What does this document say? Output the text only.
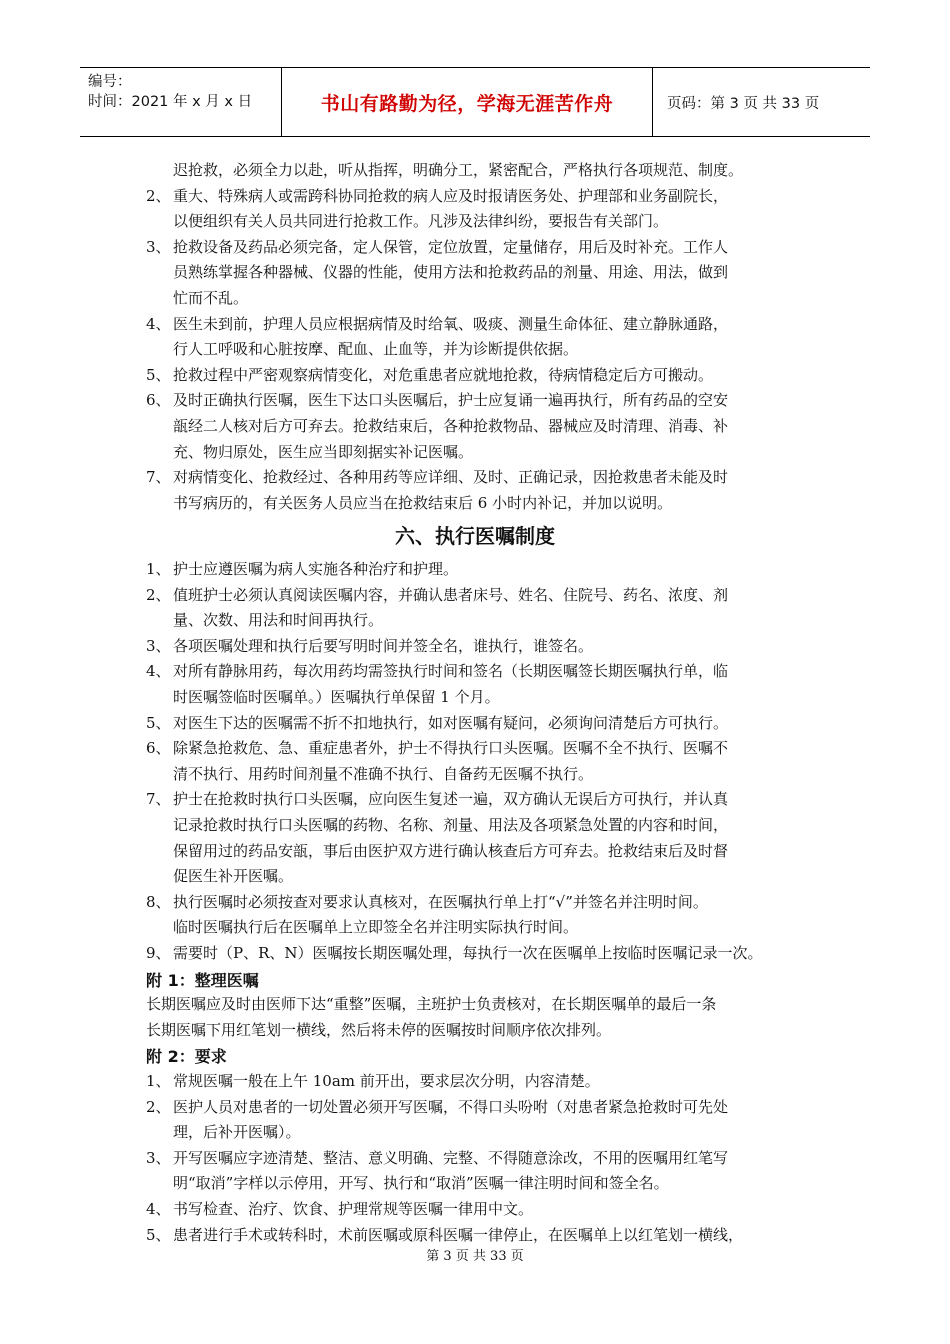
编号：
时间：2021 年 x 月 x 日	书山有路勤为径，学海无涯苦作舟	页码：第 3 页 共 33 页
迟抢救，必须全力以赴，听从指挥，明确分工，紧密配合，严格执行各项规范、制度。
2、 重大、特殊病人或需跨科协同抢救的病人应及时报请医务处、护理部和业务副院长，
以便组织有关人员共同进行抢救工作。凡涉及法律纠纷，要报告有关部门。
3、 抢救设备及药品必须完备，定人保管，定位放置，定量储存，用后及时补充。工作人
员熟练掌握各种器械、仪器的性能，使用方法和抢救药品的剂量、用途、用法，做到
忙而不乱。
4、 医生未到前，护理人员应根据病情及时给氧、吸痰、测量生命体征、建立静脉通路，
行人工呼吸和心脏按摩、配血、止血等，并为诊断提供依据。
5、 抢救过程中严密观察病情变化，对危重患者应就地抢救，待病情稳定后方可搬动。
6、 及时正确执行医嘱，医生下达口头医嘱后，护士应复诵一遍再执行，所有药品的空安
瓿经二人核对后方可弃去。抢救结束后，各种抢救物品、器械应及时清理、消毒、补
充、物归原处，医生应当即刻据实补记医嘱。
7、 对病情变化、抢救经过、各种用药等应详细、及时、正确记录，因抢救患者未能及时
书写病历的，有关医务人员应当在抢救结束后 6 小时内补记，并加以说明。
六、执行医嘱制度
1、 护士应遵医嘱为病人实施各种治疗和护理。
2、 值班护士必须认真阅读医嘱内容，并确认患者床号、姓名、住院号、药名、浓度、剂
量、次数、用法和时间再执行。
3、 各项医嘱处理和执行后要写明时间并签全名，谁执行，谁签名。
4、 对所有静脉用药，每次用药均需签执行时间和签名（长期医嘱签长期医嘱执行单，临
时医嘱签临时医嘱单。）医嘱执行单保留 1 个月。
5、 对医生下达的医嘱需不折不扣地执行，如对医嘱有疑问，必须询问清楚后方可执行。
6、 除紧急抢救危、急、重症患者外，护士不得执行口头医嘱。医嘱不全不执行、医嘱不
清不执行、用药时间剂量不准确不执行、自备药无医嘱不执行。
7、 护士在抢救时执行口头医嘱，应向医生复述一遍，双方确认无误后方可执行，并认真
记录抢救时执行口头医嘱的药物、名称、剂量、用法及各项紧急处置的内容和时间，
保留用过的药品安瓿，事后由医护双方进行确认核查后方可弃去。抢救结束后及时督
促医生补开医嘱。
8、 执行医嘱时必须按查对要求认真核对，在医嘱执行单上打“√”并签名并注明时间。
临时医嘱执行后在医嘱单上立即签全名并注明实际执行时间。
9、 需要时（P、R、N）医嘱按长期医嘱处理，每执行一次在医嘱单上按临时医嘱记录一次。
附 1：整理医嘱
长期医嘱应及时由医师下达“重整”医嘱，主班护士负责核对，在长期医嘱单的最后一条
长期医嘱下用红笔划一横线，然后将未停的医嘱按时间顺序依次排列。
附 2：要求
1、 常规医嘱一般在上午 10am 前开出，要求层次分明，内容清楚。
2、 医护人员对患者的一切处置必须开写医嘱，不得口头吩咐（对患者紧急抢救时可先处
理，后补开医嘱）。
3、 开写医嘱应字迹清楚、整洁、意义明确、完整、不得随意涂改，不用的医嘱用红笔写
明“取消”字样以示停用，开写、执行和“取消”医嘱一律注明时间和签全名。
4、 书写检查、治疗、饮食、护理常规等医嘱一律用中文。
5、 患者进行手术或转科时，术前医嘱或原科医嘱一律停止，在医嘱单上以红笔划一横线，
第 3 页 共 33 页
